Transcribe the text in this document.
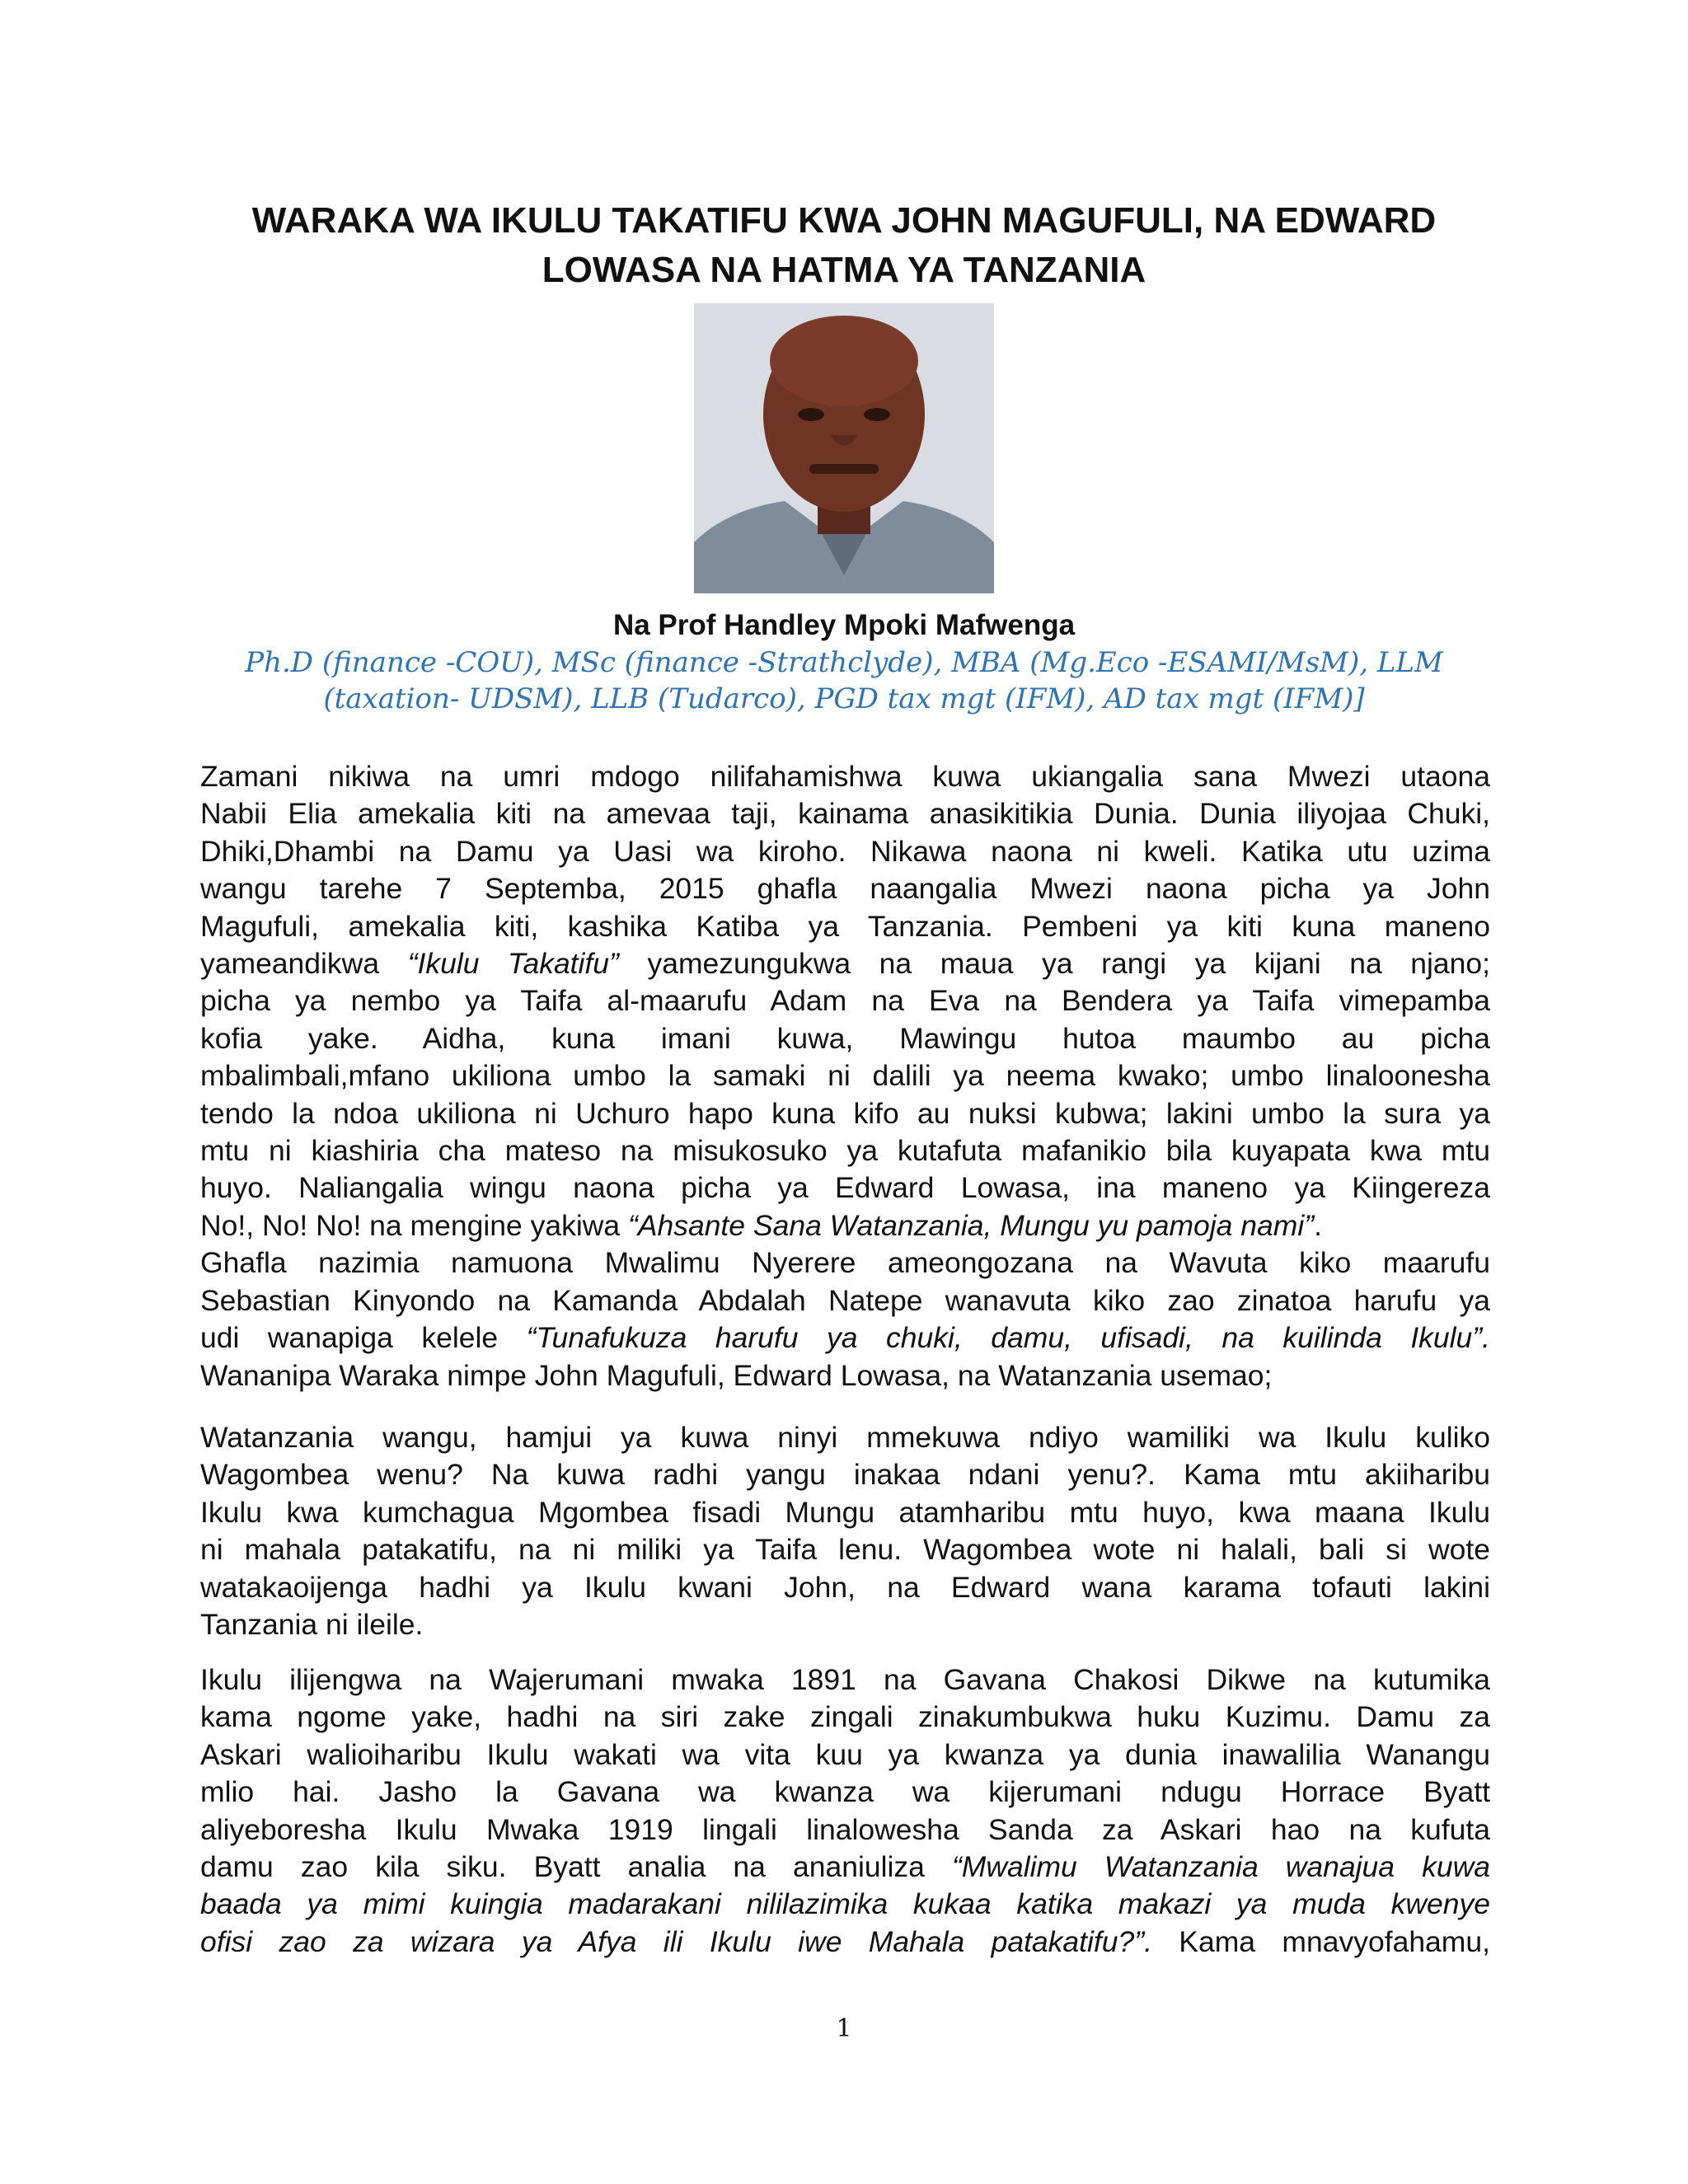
WARAKA WA IKULU TAKATIFU KWA JOHN MAGUFULI, NA EDWARD
LOWASA NA HATMA YA TANZANIA
Na Prof Handley Mpoki Mafwenga
Ph.D (finance -COU), MSc (finance -Strathclyde), MBA (Mg.Eco -ESAMI/MsM), LLM
(taxation- UDSM), LLB (Tudarco), PGD tax mgt (IFM), AD tax mgt (IFM)]
Zamani nikiwa na umri mdogo nilifahamishwa kuwa ukiangalia sana Mwezi utaona
Nabii Elia amekalia kiti na amevaa taji, kainama anasikitikia Dunia. Dunia iliyojaa Chuki,
Dhiki,Dhambi na Damu ya Uasi wa kiroho. Nikawa naona ni kweli. Katika utu uzima
wangu tarehe 7 Septemba, 2015 ghafla naangalia Mwezi naona picha ya John
Magufuli, amekalia kiti, kashika Katiba ya Tanzania. Pembeni ya kiti kuna maneno
yameandikwa “Ikulu Takatifu” yamezungukwa na maua ya rangi ya kijani na njano;
picha ya nembo ya Taifa al-maarufu Adam na Eva na Bendera ya Taifa vimepamba
kofia yake. Aidha, kuna imani kuwa, Mawingu hutoa maumbo au picha
mbalimbali,mfano ukiliona umbo la samaki ni dalili ya neema kwako; umbo linaloonesha
tendo la ndoa ukiliona ni Uchuro hapo kuna kifo au nuksi kubwa; lakini umbo la sura ya
mtu ni kiashiria cha mateso na misukosuko ya kutafuta mafanikio bila kuyapata kwa mtu
huyo. Naliangalia wingu naona picha ya Edward Lowasa, ina maneno ya Kiingereza
No!, No! No! na mengine yakiwa “Ahsante Sana Watanzania, Mungu yu pamoja nami”.
Ghafla nazimia namuona Mwalimu Nyerere ameongozana na Wavuta kiko maarufu
Sebastian Kinyondo na Kamanda Abdalah Natepe wanavuta kiko zao zinatoa harufu ya
udi wanapiga kelele “Tunafukuza harufu ya chuki, damu, ufisadi, na kuilinda Ikulu”.
Wananipa Waraka nimpe John Magufuli, Edward Lowasa, na Watanzania usemao;
Watanzania wangu, hamjui ya kuwa ninyi mmekuwa ndiyo wamiliki wa Ikulu kuliko
Wagombea wenu? Na kuwa radhi yangu inakaa ndani yenu?. Kama mtu akiiharibu
Ikulu kwa kumchagua Mgombea fisadi Mungu atamharibu mtu huyo, kwa maana Ikulu
ni mahala patakatifu, na ni miliki ya Taifa lenu. Wagombea wote ni halali, bali si wote
watakaoijenga hadhi ya Ikulu kwani John, na Edward wana karama tofauti lakini
Tanzania ni ileile.
Ikulu ilijengwa na Wajerumani mwaka 1891 na Gavana Chakosi Dikwe na kutumika
kama ngome yake, hadhi na siri zake zingali zinakumbukwa huku Kuzimu. Damu za
Askari walioiharibu Ikulu wakati wa vita kuu ya kwanza ya dunia inawalilia Wanangu
mlio hai. Jasho la Gavana wa kwanza wa kijerumani ndugu Horrace Byatt
aliyeboresha Ikulu Mwaka 1919 lingali linalowesha Sanda za Askari hao na kufuta
damu zao kila siku. Byatt analia na ananiuliza “Mwalimu Watanzania wanajua kuwa
baada ya mimi kuingia madarakani nililazimika kukaa katika makazi ya muda kwenye
ofisi zao za wizara ya Afya ili Ikulu iwe Mahala patakatifu?”. Kama mnavyofahamu,
1
